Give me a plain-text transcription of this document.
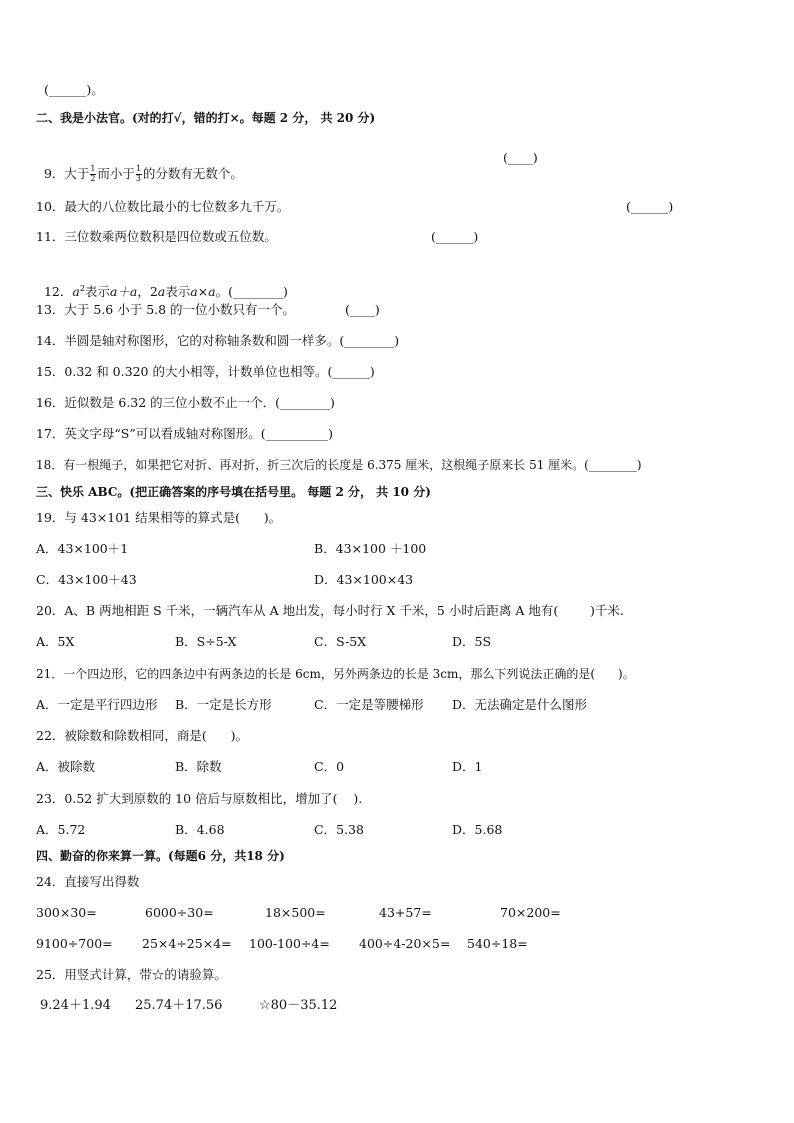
(______)。
二、我是小法官。(对的打√，错的打×。每题 2 分， 共 20 分)

9．大于 $\frac{1}{2}$ 而小于 $\frac{1}{3}$ 的分数有无数个。

(____)
10．最大的八位数比最小的七位数多九千万。	(______)
11．三位数乘两位数积是四位数或五位数。	(______)

12．$a^2$表示a＋a，2a表示a×a。(________)

13．大于 5.6 小于 5.8 的一位小数只有一个。	(____)
14．半圆是轴对称图形，它的对称轴条数和圆一样多。(________)
15．0.32 和 0.320 的大小相等，计数单位也相等。(______)
16．近似数是 6.32 的三位小数不止一个．(________)
17．英文字母“S”可以看成轴对称图形。(__________)
18．有一根绳子，如果把它对折、再对折，折三次后的长度是 6.375 厘米，这根绳子原来长 51 厘米。(________)
三、快乐 ABC。(把正确答案的序号填在括号里。 每题 2 分， 共 10 分)
19．与 43×101 结果相等的算式是(      )。
A．43×100＋1	B．43×100 ＋100
C．43×100＋43	D．43×100×43
20．A、B 两地相距 S 千米，一辆汽车从 A 地出发，每小时行 X 千米，5 小时后距离 A 地有(        )千米.
A．5X	B．S÷5-X	C．S-5X	D．5S
21．一个四边形，它的四条边中有两条边的长是 6cm，另外两条边的长是 3cm，那么下列说法正确的是(      )。
A．一定是平行四边形 B．一定是长方形	C．一定是等腰梯形 D．无法确定是什么图形
22．被除数和除数相同，商是(      )。
A．被除数	B．除数	C．0	D．1
23．0.52 扩大到原数的 10 倍后与原数相比，增加了(    ).
A．5.72	B．4.68	C．5.38	D．5.68
四、勤奋的你来算一算。(每题6 分，共18 分)
24．直接写出得数
300×30=	6000÷30=	18×500=	43+57=	70×200=
9100÷700= 25×4÷25×4= 100-100÷4= 400÷4-20×5= 540÷18=
25．用竖式计算，带☆的请验算。
9.24＋1.94 25.74＋17.56	☆80－35.12
